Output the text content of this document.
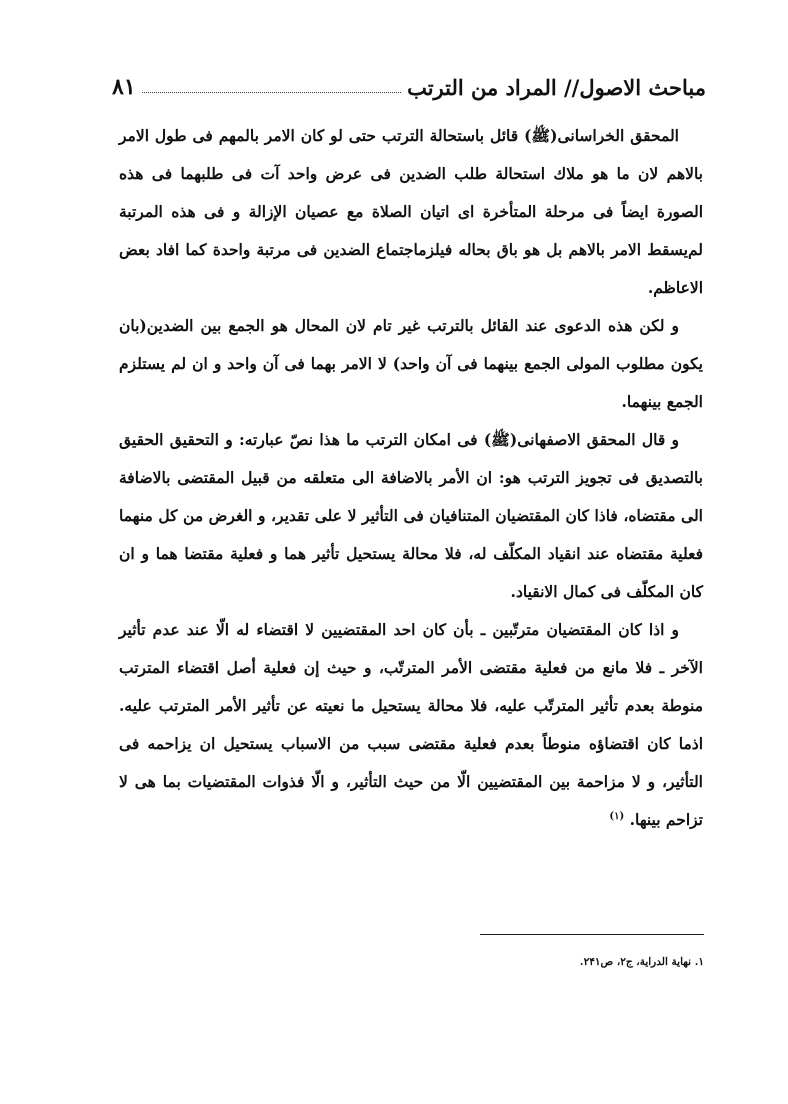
مباحث الاصول// المراد من الترتب
۸۱

المحقق الخراسانی(ﷺ) قائل باستحالة الترتب حتی لو کان الامر بالمهم فی طول الامر بالاهم لان ما هو ملاك استحالة طلب الضدين فی عرض واحد آت فی طلبهما فی هذه الصورة ایضاً فی مرحلة المتأخرة ای اتیان الصلاة مع عصیان الإزالة و فی هذه المرتبة لم‌يسقط الامر بالاهم بل هو باق بحاله فيلزماجتماع الضدين فی مرتبة واحدة کما افاد بعض الاعاظم.

و لکن هذه الدعوی عند القائل بالترتب غیر تام لان المحال هو الجمع بین الضدین(بان یکون مطلوب المولی الجمع بینهما فی آن واحد) لا الامر بهما فی آن واحد و ان لم یستلزم الجمع بینهما.

و قال المحقق الاصفهانی(ﷺ) فی امکان الترتب ما هذا نصّ عبارته: و التحقیق الحقیق بالتصدیق فی تجویز الترتب هو: ان الأمر بالاضافة الی متعلقه من قبیل المقتضی بالاضافة الی مقتضاه، فاذا کان المقتضیان المتنافیان فی التأثیر لا علی تقدیر، و الغرض من کل منهما فعلیة مقتضاه عند انقیاد المکلّف له، فلا محالة یستحیل تأثیر هما و فعلیة مقتضا هما و ان کان المکلّف فی کمال الانقیاد.

و اذا کان المقتضیان مترتّبین ـ بأن کان احد المقتضیین لا اقتضاء له الّا عند عدم تأثیر الآخر ـ فلا مانع من فعلیة مقتضی الأمر المترتّب، و حیث إن فعلیة أصل اقتضاء المترتب منوطة بعدم تأثیر المترتّب علیه، فلا محالة یستحیل ما نعیته عن تأثیر الأمر المترتب علیه. اذما کان اقتضاؤه منوطاً بعدم فعلیة مقتضی سبب من الاسباب یستحیل ان یزاحمه فی التأثیر، و لا مزاحمة بین المقتضیین الّا من حیث التأثیر، و الّا فذوات المقتضیات بما هی لا تزاحم بینها. $^{(۱)}$

۱. نهایة الدرایة، ج۲، ص۲۴۱.
